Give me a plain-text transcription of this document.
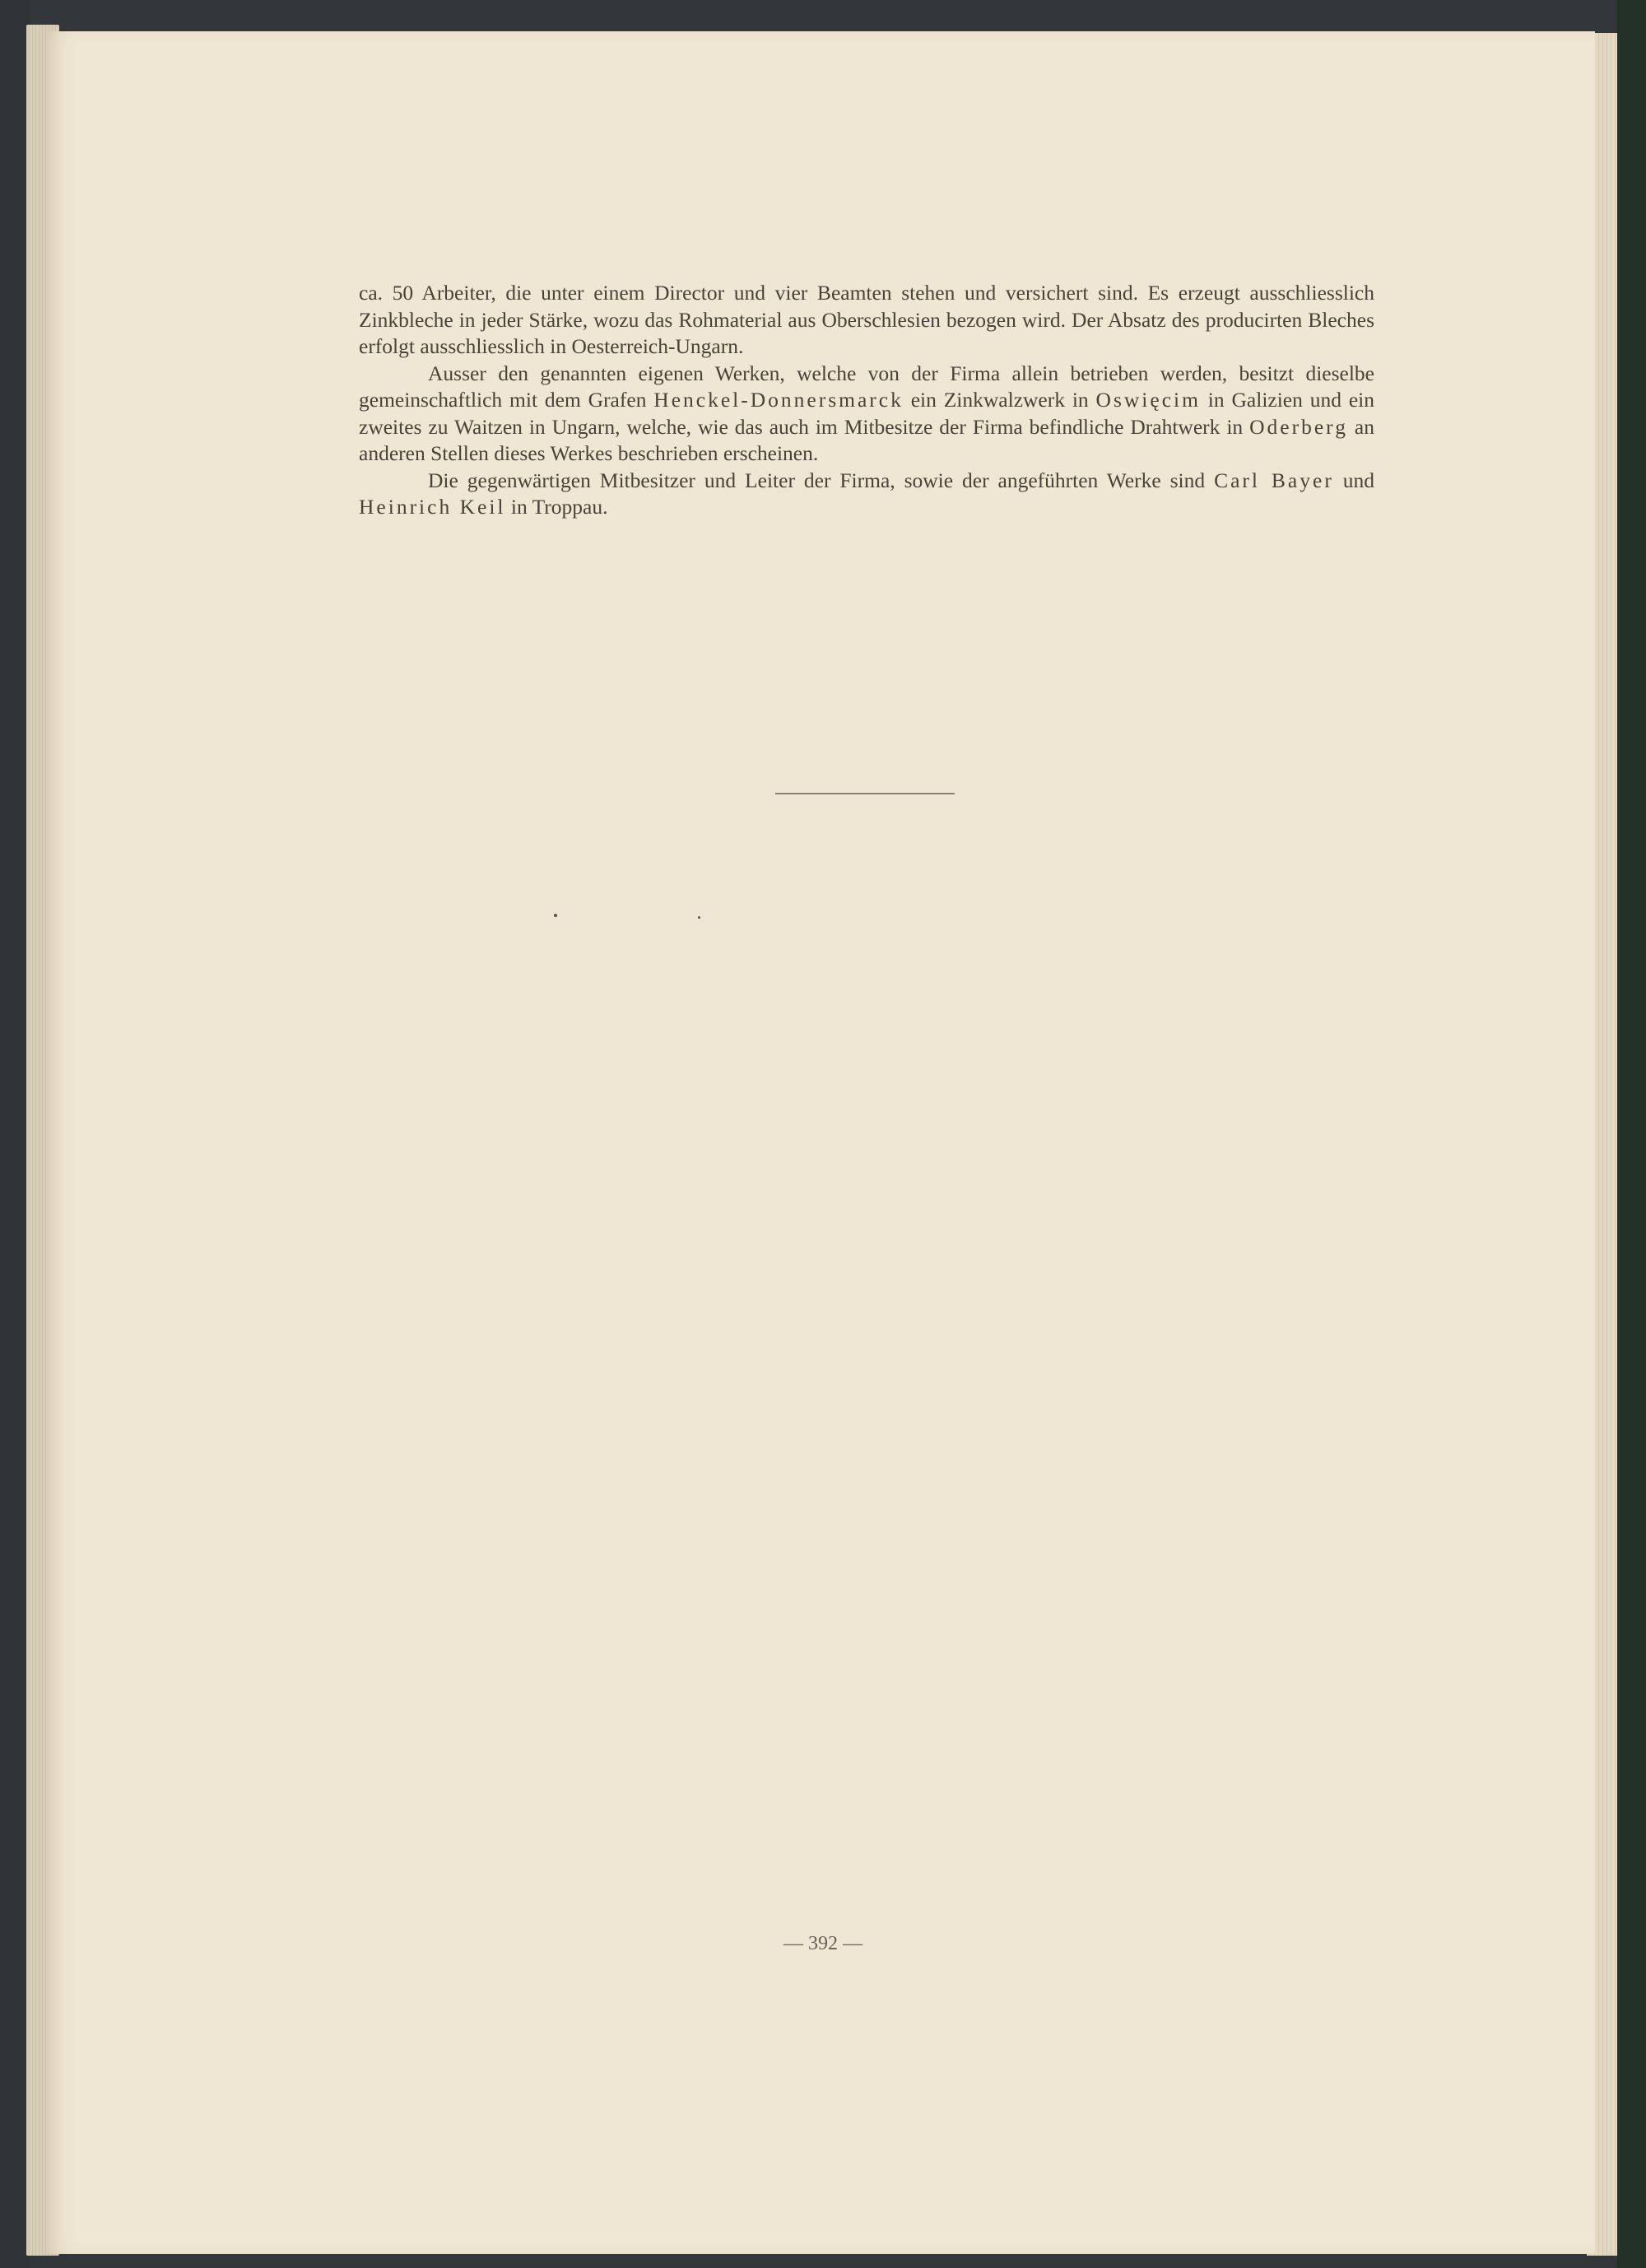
ca. 50 Arbeiter, die unter einem Director und vier Beamten stehen und versichert sind. Es erzeugt ausschliesslich Zinkbleche in jeder Stärke, wozu das Rohmaterial aus Oberschlesien bezogen wird. Der Absatz des producirten Bleches erfolgt ausschliesslich in Oesterreich-Ungarn.

Ausser den genannten eigenen Werken, welche von der Firma allein betrieben werden, besitzt dieselbe gemeinschaftlich mit dem Grafen Henckel-Donnersmarck ein Zinkwalzwerk in Oswięcim in Galizien und ein zweites zu Waitzen in Ungarn, welche, wie das auch im Mitbesitze der Firma befindliche Drahtwerk in Oderberg an anderen Stellen dieses Werkes beschrieben erscheinen.

Die gegenwärtigen Mitbesitzer und Leiter der Firma, sowie der angeführten Werke sind Carl Bayer und Heinrich Keil in Troppau.

— 392 —
